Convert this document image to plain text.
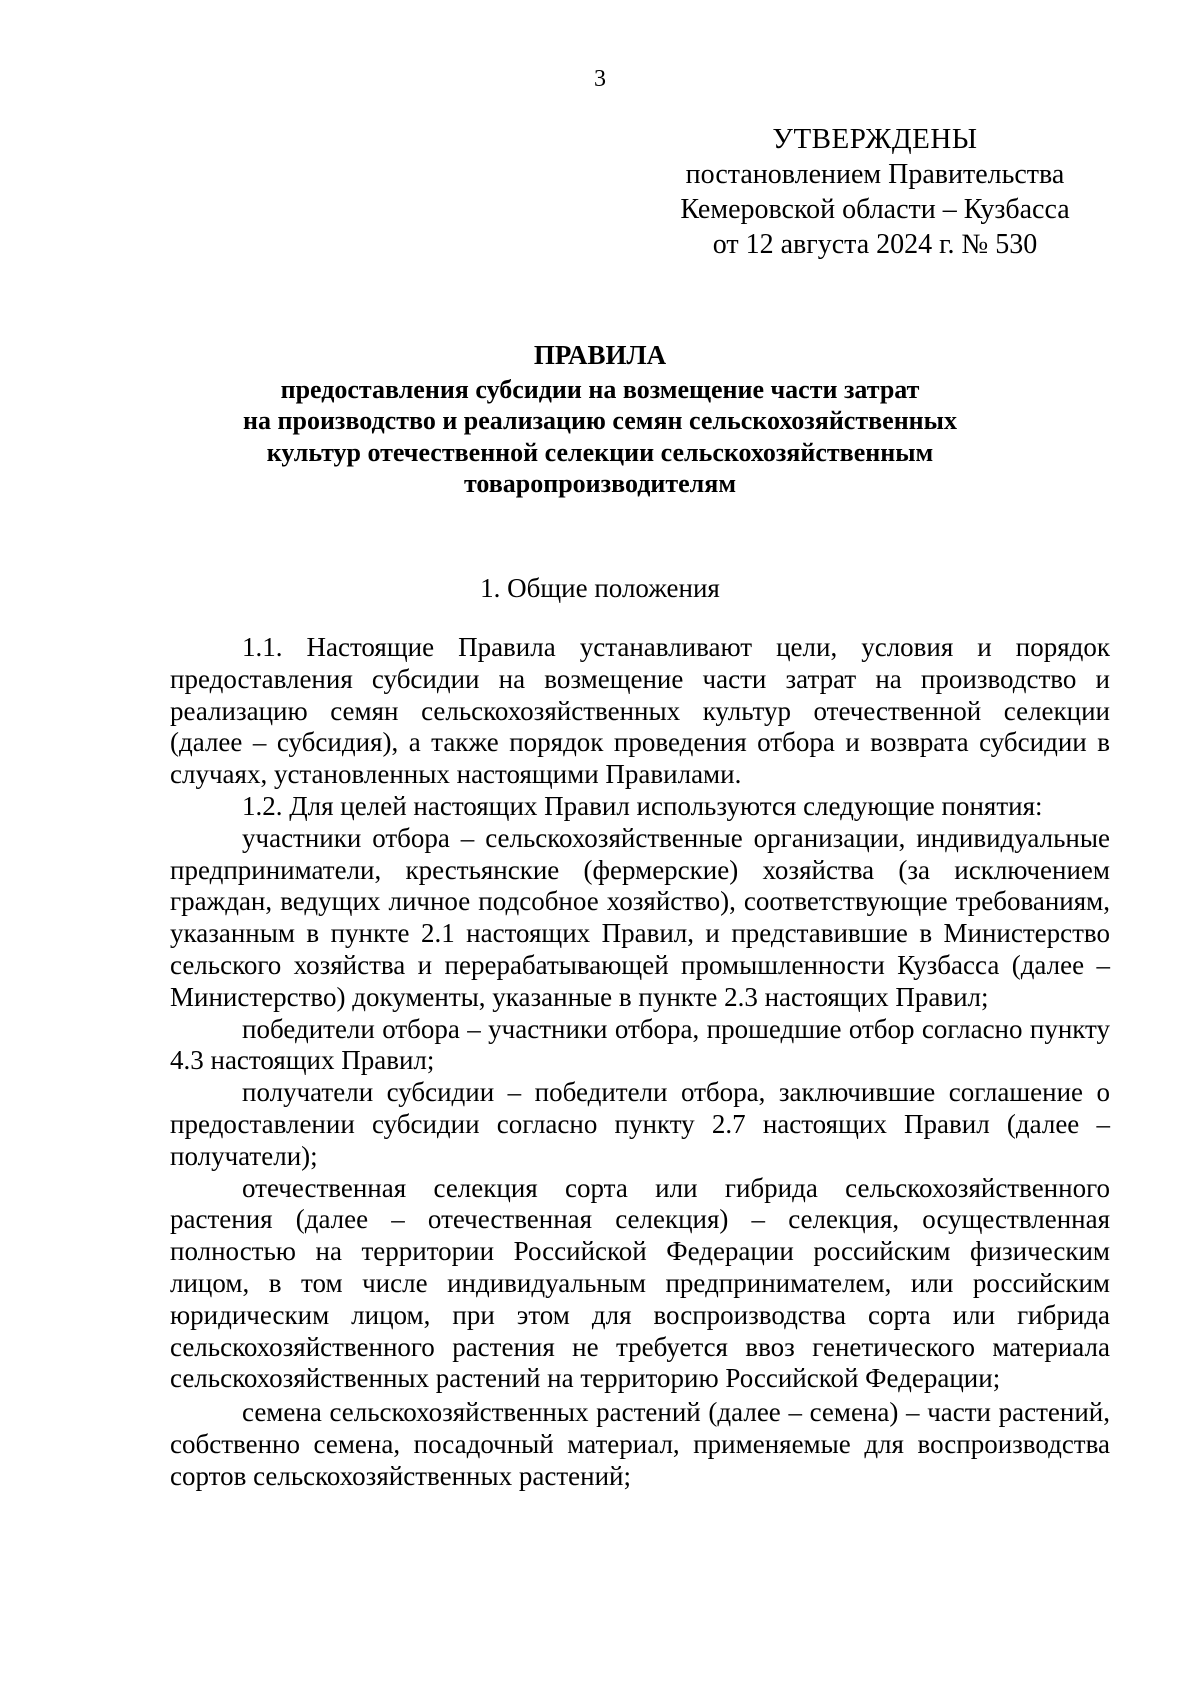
3
УТВЕРЖДЕНЫ
постановлением Правительства
Кемеровской области – Кузбасса
от 12 августа 2024 г. № 530
ПРАВИЛА
предоставления субсидии на возмещение части затрат
на производство и реализацию семян сельскохозяйственных
культур отечественной селекции сельскохозяйственным
товаропроизводителям
1. Общие положения

1.1. Настоящие Правила устанавливают цели, условия и порядок предоставления субсидии на возмещение части затрат на производство и реализацию семян сельскохозяйственных культур отечественной селекции (далее – субсидия), а также порядок проведения отбора и возврата субсидии в случаях, установленных настоящими Правилами.

1.2. Для целей настоящих Правил используются следующие понятия:

участники отбора – сельскохозяйственные организации, индивидуальные предприниматели, крестьянские (фермерские) хозяйства (за исключением граждан, ведущих личное подсобное хозяйство), соответствующие требованиям, указанным в пункте 2.1 настоящих Правил, и представившие в Министерство сельского хозяйства и перерабатывающей промышленности Кузбасса (далее – Министерство) документы, указанные в пункте 2.3 настоящих Правил;

победители отбора – участники отбора, прошедшие отбор согласно пункту 4.3 настоящих Правил;

получатели субсидии – победители отбора, заключившие соглашение о предоставлении субсидии согласно пункту 2.7 настоящих Правил (далее – получатели);

отечественная селекция сорта или гибрида сельскохозяйственного растения (далее – отечественная селекция) – селекция, осуществленная полностью на территории Российской Федерации российским физическим лицом, в том числе индивидуальным предпринимателем, или российским юридическим лицом, при этом для воспроизводства сорта или гибрида сельскохозяйственного растения не требуется ввоз генетического материала сельскохозяйственных растений на территорию Российской Федерации;

семена сельскохозяйственных растений (далее – семена) – части растений, собственно семена, посадочный материал, применяемые для воспроизводства сортов сельскохозяйственных растений;
